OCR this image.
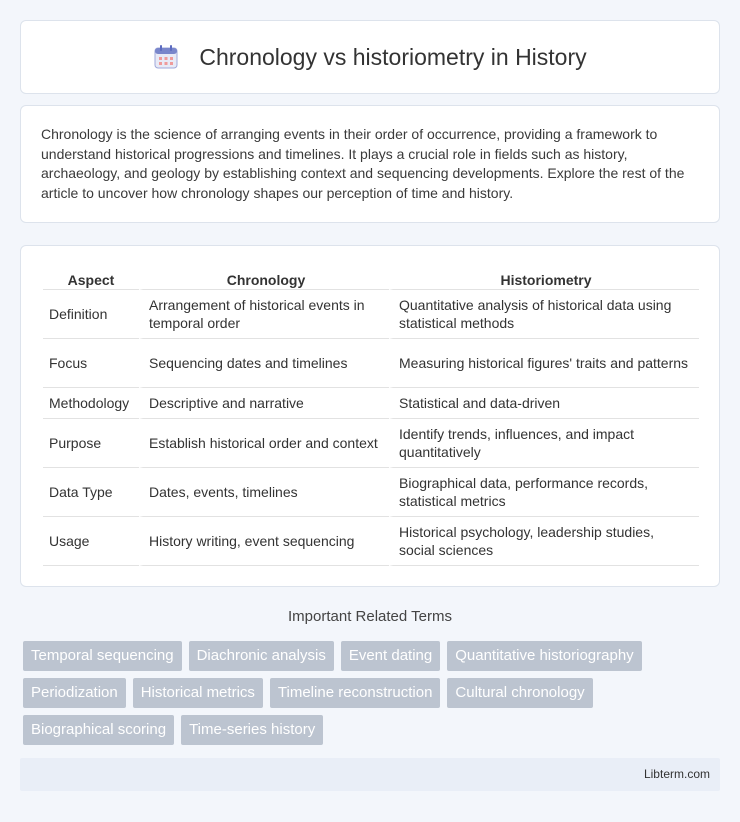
Chronology vs historiometry in History

Chronology is the science of arranging events in their order of occurrence, providing a framework to understand historical progressions and timelines. It plays a crucial role in fields such as history, archaeology, and geology by establishing context and sequencing developments. Explore the rest of the article to uncover how chronology shapes our perception of time and history.

Aspect	Chronology	Historiometry
Definition	Arrangement of historical events in temporal order	Quantitative analysis of historical data using statistical methods
Focus	Sequencing dates and timelines	Measuring historical figures' traits and patterns
Methodology	Descriptive and narrative	Statistical and data-driven
Purpose	Establish historical order and context	Identify trends, influences, and impact quantitatively
Data Type	Dates, events, timelines	Biographical data, performance records, statistical metrics
Usage	History writing, event sequencing	Historical psychology, leadership studies, social sciences
Important Related Terms
Temporal sequencing	Diachronic analysis	Event dating	Quantitative historiography
Periodization	Historical metrics	Timeline reconstruction	Cultural chronology
Biographical scoring	Time-series history
Libterm.com
